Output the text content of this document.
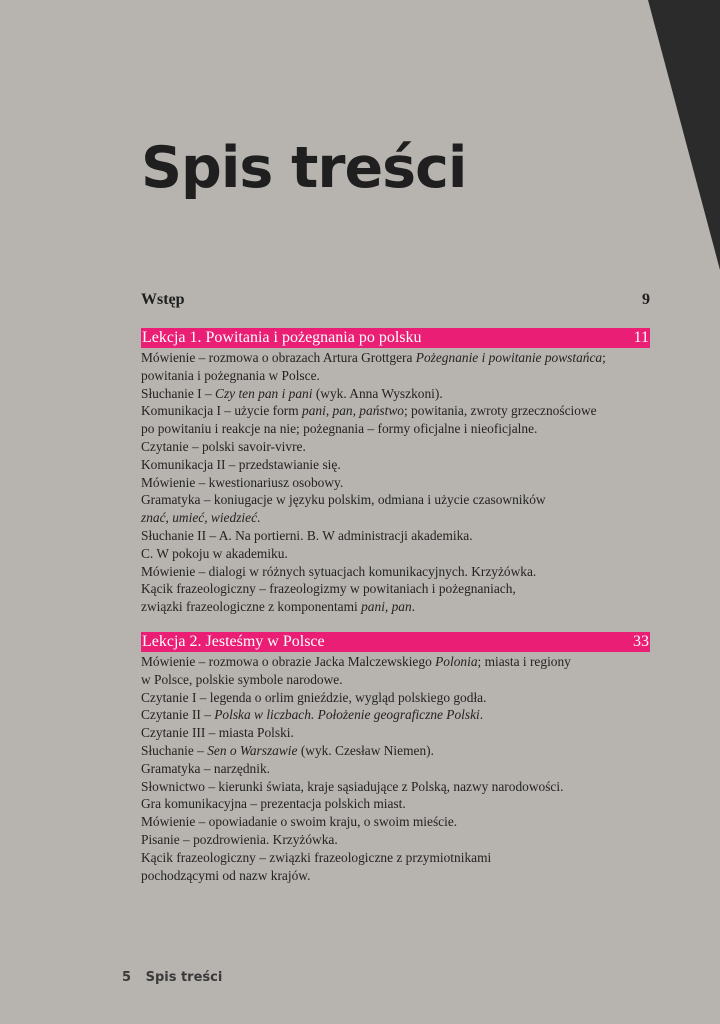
Spis treści
Wstęp	9
Lekcja 1. Powitania i pożegnania po polsku	11
Mówienie – rozmowa o obrazach Artura Grottgera Pożegnanie i powitanie powstańca;
powitania i pożegnania w Polsce.
Słuchanie I – Czy ten pan i pani (wyk. Anna Wyszkoni).
Komunikacja I – użycie form pani, pan, państwo; powitania, zwroty grzecznościowe
po powitaniu i reakcje na nie; pożegnania – formy oficjalne i nieoficjalne.
Czytanie – polski savoir-vivre.
Komunikacja II – przedstawianie się.
Mówienie – kwestionariusz osobowy.
Gramatyka – koniugacje w języku polskim, odmiana i użycie czasowników
znać, umieć, wiedzieć.
Słuchanie II – A. Na portierni. B. W administracji akademika.
C. W pokoju w akademiku.
Mówienie – dialogi w różnych sytuacjach komunikacyjnych. Krzyżówka.
Kącik frazeologiczny – frazeologizmy w powitaniach i pożegnaniach,
związki frazeologiczne z komponentami pani, pan.
Lekcja 2. Jesteśmy w Polsce	33
Mówienie – rozmowa o obrazie Jacka Malczewskiego Polonia; miasta i regiony
w Polsce, polskie symbole narodowe.
Czytanie I – legenda o orlim gnieździe, wygląd polskiego godła.
Czytanie II – Polska w liczbach. Położenie geograficzne Polski.
Czytanie III – miasta Polski.
Słuchanie – Sen o Warszawie (wyk. Czesław Niemen).
Gramatyka – narzędnik.
Słownictwo – kierunki świata, kraje sąsiadujące z Polską, nazwy narodowości.
Gra komunikacyjna – prezentacja polskich miast.
Mówienie – opowiadanie o swoim kraju, o swoim mieście.
Pisanie – pozdrowienia. Krzyżówka.
Kącik frazeologiczny – związki frazeologiczne z przymiotnikami
pochodzącymi od nazw krajów.
5 Spis treści
